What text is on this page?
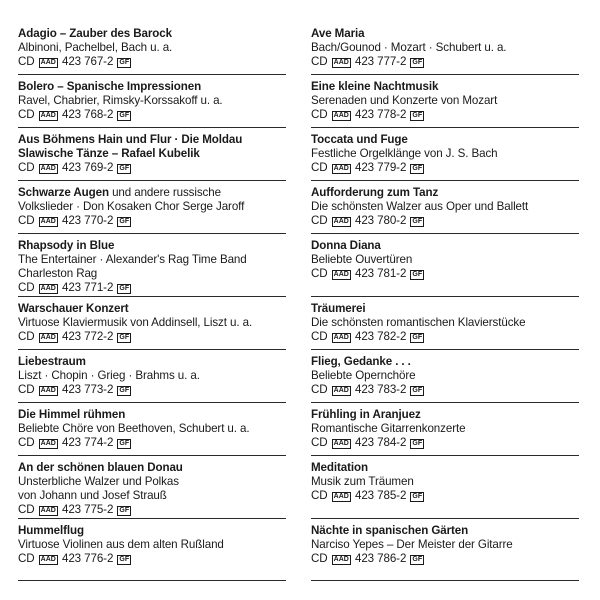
Adagio – Zauber des Barock
Albinoni, Pachelbel, Bach u. a.
CD AAD 423 767-2 GF
Bolero – Spanische Impressionen
Ravel, Chabrier, Rimsky-Korssakoff u. a.
CD AAD 423 768-2 GF
Aus Böhmens Hain und Flur · Die Moldau
Slawische Tänze – Rafael Kubelik
CD AAD 423 769-2 GF
Schwarze Augen und andere russische
Volkslieder · Don Kosaken Chor Serge Jaroff
CD AAD 423 770-2 GF
Rhapsody in Blue
The Entertainer · Alexander's Rag Time Band
Charleston Rag
CD AAD 423 771-2 GF
Warschauer Konzert
Virtuose Klaviermusik von Addinsell, Liszt u. a.
CD AAD 423 772-2 GF
Liebestraum
Liszt · Chopin · Grieg · Brahms u. a.
CD AAD 423 773-2 GF
Die Himmel rühmen
Beliebte Chöre von Beethoven, Schubert u. a.
CD AAD 423 774-2 GF
An der schönen blauen Donau
Unsterbliche Walzer und Polkas
von Johann und Josef Strauß
CD AAD 423 775-2 GF
Hummelflug
Virtuose Violinen aus dem alten Rußland
CD AAD 423 776-2 GF
Ave Maria
Bach/Gounod · Mozart · Schubert u. a.
CD AAD 423 777-2 GF
Eine kleine Nachtmusik
Serenaden und Konzerte von Mozart
CD AAD 423 778-2 GF
Toccata und Fuge
Festliche Orgelklänge von J. S. Bach
CD AAD 423 779-2 GF
Aufforderung zum Tanz
Die schönsten Walzer aus Oper und Ballett
CD AAD 423 780-2 GF
Donna Diana
Beliebte Ouvertüren
CD AAD 423 781-2 GF
Träumerei
Die schönsten romantischen Klavierstücke
CD AAD 423 782-2 GF
Flieg, Gedanke . . .
Beliebte Opernchöre
CD AAD 423 783-2 GF
Frühling in Aranjuez
Romantische Gitarrenkonzerte
CD AAD 423 784-2 GF
Meditation
Musik zum Träumen
CD AAD 423 785-2 GF
Nächte in spanischen Gärten
Narciso Yepes – Der Meister der Gitarre
CD AAD 423 786-2 GF
